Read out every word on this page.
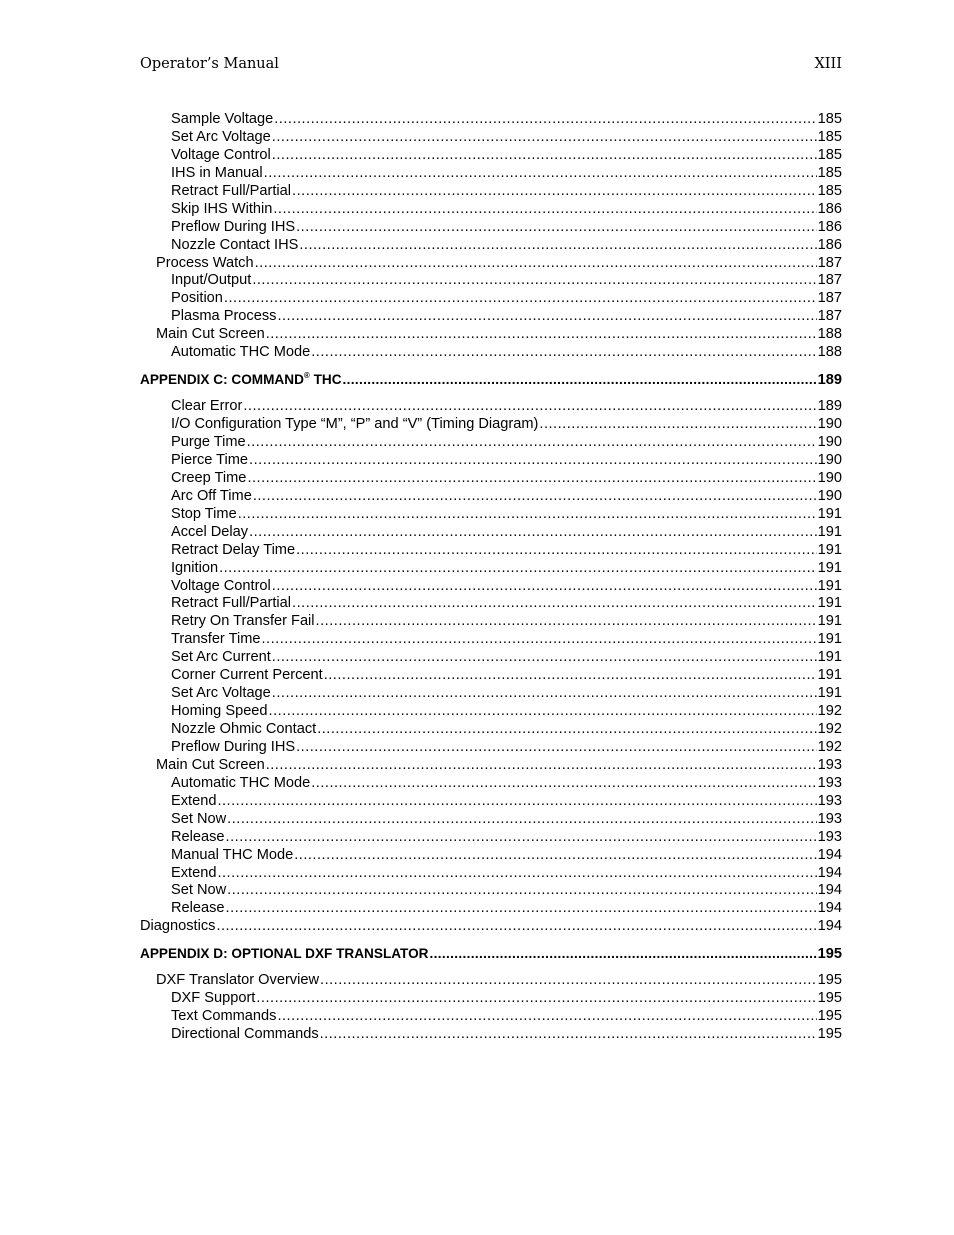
Operator’s Manual	XIII
Sample Voltage .....	185
Set Arc Voltage .....	185
Voltage Control .....	185
IHS in Manual .....	185
Retract Full/Partial .....	185
Skip IHS Within .....	186
Preflow During IHS .....	186
Nozzle Contact IHS .....	186
Process Watch .....	187
Input/Output .....	187
Position .....	187
Plasma Process .....	187
Main Cut Screen .....	188
Automatic THC Mode .....	188
APPENDIX C: COMMAND® THC .....	189
Clear Error .....	189
I/O Configuration Type “M”, “P” and “V” (Timing Diagram) .....	190
Purge Time .....	190
Pierce Time .....	190
Creep Time .....	190
Arc Off Time .....	190
Stop Time .....	191
Accel Delay .....	191
Retract Delay Time .....	191
Ignition .....	191
Voltage Control .....	191
Retract Full/Partial .....	191
Retry On Transfer Fail .....	191
Transfer Time .....	191
Set Arc Current .....	191
Corner Current Percent .....	191
Set Arc Voltage .....	191
Homing Speed .....	192
Nozzle Ohmic Contact .....	192
Preflow During IHS .....	192
Main Cut Screen .....	193
Automatic THC Mode .....	193
Extend .....	193
Set Now .....	193
Release .....	193
Manual THC Mode .....	194
Extend .....	194
Set Now .....	194
Release .....	194
Diagnostics .....	194
APPENDIX D: OPTIONAL DXF TRANSLATOR .....	195
DXF Translator Overview .....	195
DXF Support .....	195
Text Commands .....	195
Directional Commands .....	195
